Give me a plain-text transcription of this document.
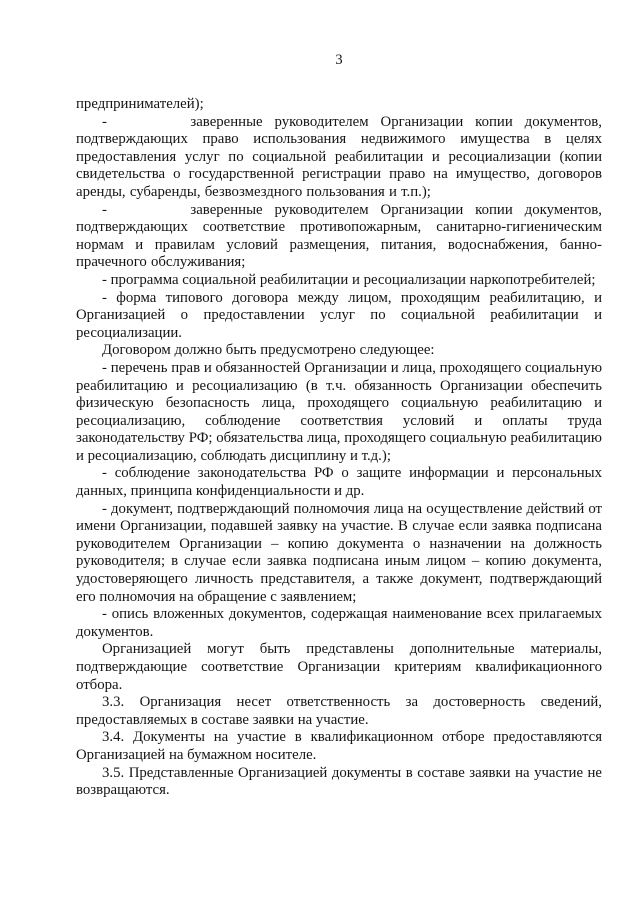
3

предпринимателей);

-       заверенные руководителем Организации копии документов, подтверждающих право использования недвижимого имущества в целях предоставления услуг по социальной реабилитации и ресоциализации (копии свидетельства о государственной регистрации право на имущество, договоров аренды, субаренды, безвозмездного пользования и т.п.);

-       заверенные руководителем Организации копии документов, подтверждающих соответствие противопожарным, санитарно-гигиеническим нормам и правилам условий размещения, питания, водоснабжения, банно-прачечного обслуживания;

- программа социальной реабилитации и ресоциализации наркопотребителей;

- форма типового договора между лицом, проходящим реабилитацию, и Организацией о предоставлении услуг по социальной реабилитации и ресоциализации.

Договором должно быть предусмотрено следующее:

- перечень прав и обязанностей Организации и лица, проходящего социальную реабилитацию и ресоциализацию (в т.ч. обязанность Организации обеспечить физическую безопасность лица, проходящего социальную реабилитацию и ресоциализацию, соблюдение соответствия условий и оплаты труда законодательству РФ; обязательства лица, проходящего социальную реабилитацию и ресоциализацию, соблюдать дисциплину и т.д.);

- соблюдение законодательства РФ о защите информации и персональных данных, принципа конфиденциальности и др.

- документ, подтверждающий полномочия лица на осуществление действий от имени Организации, подавшей заявку на участие. В случае если заявка подписана руководителем Организации – копию документа о назначении на должность руководителя; в случае если заявка подписана иным лицом – копию документа, удостоверяющего личность представителя, а также документ, подтверждающий его полномочия на обращение с заявлением;

- опись вложенных документов, содержащая наименование всех прилагаемых документов.

Организацией могут быть представлены дополнительные материалы, подтверждающие соответствие Организации критериям квалификационного отбора.

3.3. Организация несет ответственность за достоверность сведений, предоставляемых в составе заявки на участие.

3.4. Документы на участие в квалификационном отборе предоставляются Организацией на бумажном носителе.

3.5. Представленные Организацией документы в составе заявки на участие не возвращаются.
